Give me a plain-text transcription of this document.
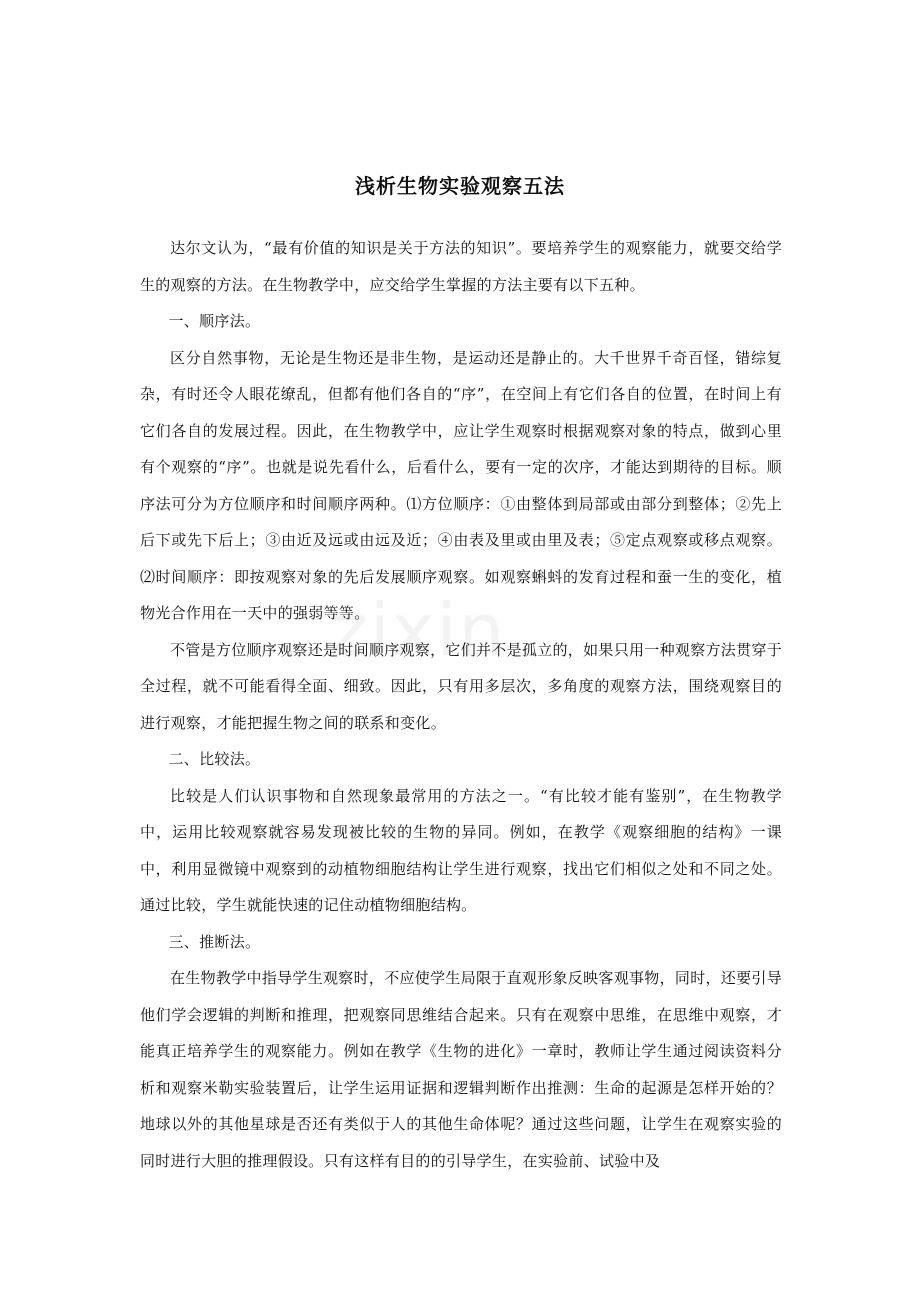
浅析生物实验观察五法

达尔文认为，“最有价值的知识是关于方法的知识”。要培养学生的观察能力，就要交给学生的观察的方法。在生物教学中，应交给学生掌握的方法主要有以下五种。

一、顺序法。

区分自然事物，无论是生物还是非生物，是运动还是静止的。大千世界千奇百怪，错综复杂，有时还令人眼花缭乱，但都有他们各自的“序”，在空间上有它们各自的位置，在时间上有它们各自的发展过程。因此，在生物教学中，应让学生观察时根据观察对象的特点，做到心里有个观察的“序”。也就是说先看什么，后看什么，要有一定的次序，才能达到期待的目标。顺序法可分为方位顺序和时间顺序两种。⑴方位顺序：①由整体到局部或由部分到整体；②先上后下或先下后上；③由近及远或由远及近；④由表及里或由里及表；⑤定点观察或移点观察。⑵时间顺序：即按观察对象的先后发展顺序观察。如观察蝌蚪的发育过程和蚕一生的变化，植物光合作用在一天中的强弱等等。

不管是方位顺序观察还是时间顺序观察，它们并不是孤立的，如果只用一种观察方法贯穿于全过程，就不可能看得全面、细致。因此，只有用多层次，多角度的观察方法，围绕观察目的进行观察，才能把握生物之间的联系和变化。

二、比较法。

比较是人们认识事物和自然现象最常用的方法之一。“有比较才能有鉴别”，在生物教学中，运用比较观察就容易发现被比较的生物的异同。例如，在教学《观察细胞的结构》一课中，利用显微镜中观察到的动植物细胞结构让学生进行观察，找出它们相似之处和不同之处。通过比较，学生就能快速的记住动植物细胞结构。

三、推断法。

在生物教学中指导学生观察时，不应使学生局限于直观形象反映客观事物，同时，还要引导他们学会逻辑的判断和推理，把观察同思维结合起来。只有在观察中思维，在思维中观察，才能真正培养学生的观察能力。例如在教学《生物的进化》一章时，教师让学生通过阅读资料分析和观察米勒实验装置后，让学生运用证据和逻辑判断作出推测：生命的起源是怎样开始的？地球以外的其他星球是否还有类似于人的其他生命体呢？通过这些问题，让学生在观察实验的同时进行大胆的推理假设。只有这样有目的的引导学生，在实验前、试验中及
